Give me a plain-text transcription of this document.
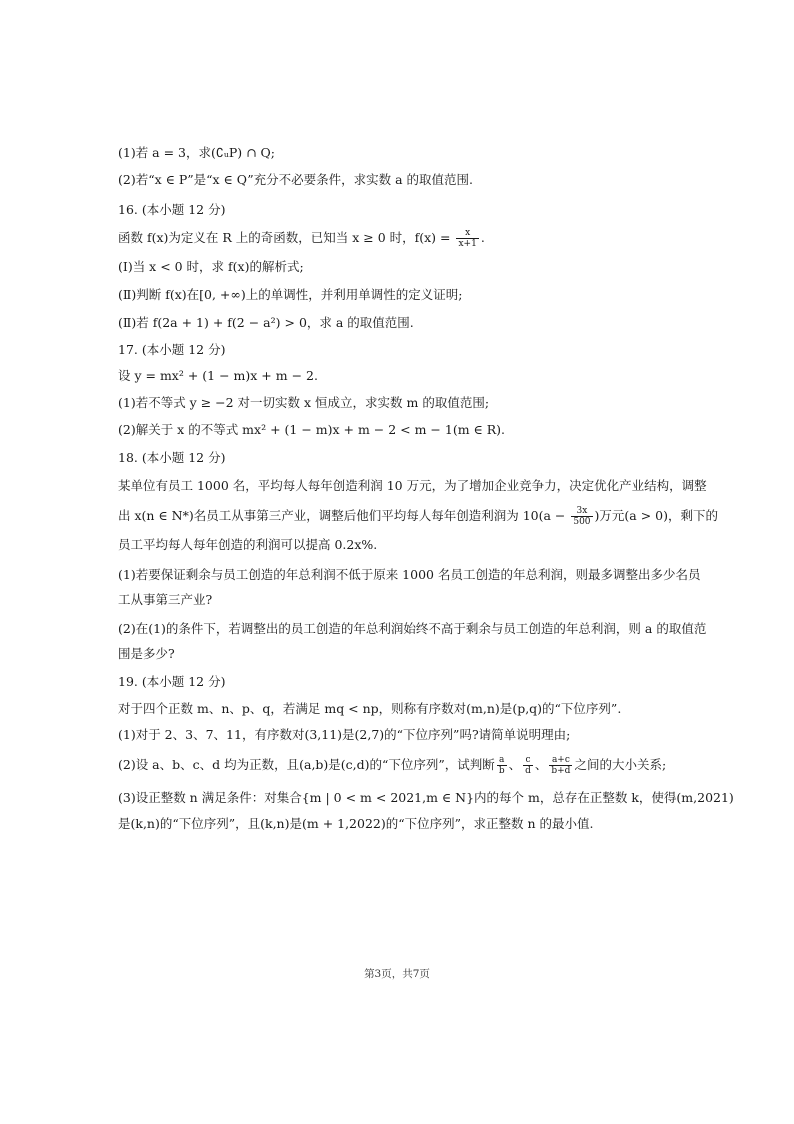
(1)若 a = 3，求(∁ᵤP) ∩ Q;
(2)若“x ∈ P”是“x ∈ Q”充分不必要条件，求实数 a 的取值范围.
16. (本小题 12 分)
函数 f(x)为定义在 R 上的奇函数，已知当 x ≥ 0 时，$f(x) = \frac{x}{x+1}$ .
(Ⅰ)当 x < 0 时，求 f(x)的解析式;
(Ⅱ)判断 f(x)在[0, +∞)上的单调性，并利用单调性的定义证明;
(Ⅱ)若 f(2a + 1) + f(2 − a²) > 0，求 a 的取值范围.
17. (本小题 12 分)
设 y = mx² + (1 − m)x + m − 2.
(1)若不等式 y ≥ −2 对一切实数 x 恒成立，求实数 m 的取值范围;
(2)解关于 x 的不等式 mx² + (1 − m)x + m − 2 < m − 1(m ∈ R).
18. (本小题 12 分)
某单位有员工 1000 名，平均每人每年创造利润 10 万元，为了增加企业竞争力，决定优化产业结构，调整
出 x(n ∈ N*)名员工从事第三产业，调整后他们平均每人每年创造利润为 $10(a - \frac{3x}{500}$ )万元(a > 0)，剩下的
员工平均每人每年创造的利润可以提高 0.2x%.
(1)若要保证剩余与员工创造的年总利润不低于原来 1000 名员工创造的年总利润，则最多调整出多少名员
工从事第三产业?
(2)在(1)的条件下，若调整出的员工创造的年总利润始终不高于剩余与员工创造的年总利润，则 a 的取值范
围是多少?
19. (本小题 12 分)
对于四个正数 m、n、p、q，若满足 mq < np，则称有序数对(m,n)是(p,q)的“下位序列”.
(1)对于 2、3、7、11，有序数对(3,11)是(2,7)的“下位序列”吗?请简单说明理由;
(2)设 a、b、c、d 均为正数，且(a,b)是(c,d)的“下位序列”，试判断 $\frac{a}{b}$ 、 $\frac{c}{d}$ 、 $\frac{a+c}{b+d}$ 之间的大小关系;
(3)设正整数 n 满足条件：对集合{m | 0 < m < 2021,m ∈ N}内的每个 m，总存在正整数 k，使得(m,2021)
是(k,n)的“下位序列”，且(k,n)是(m + 1,2022)的“下位序列”，求正整数 n 的最小值.
第3页，共7页
